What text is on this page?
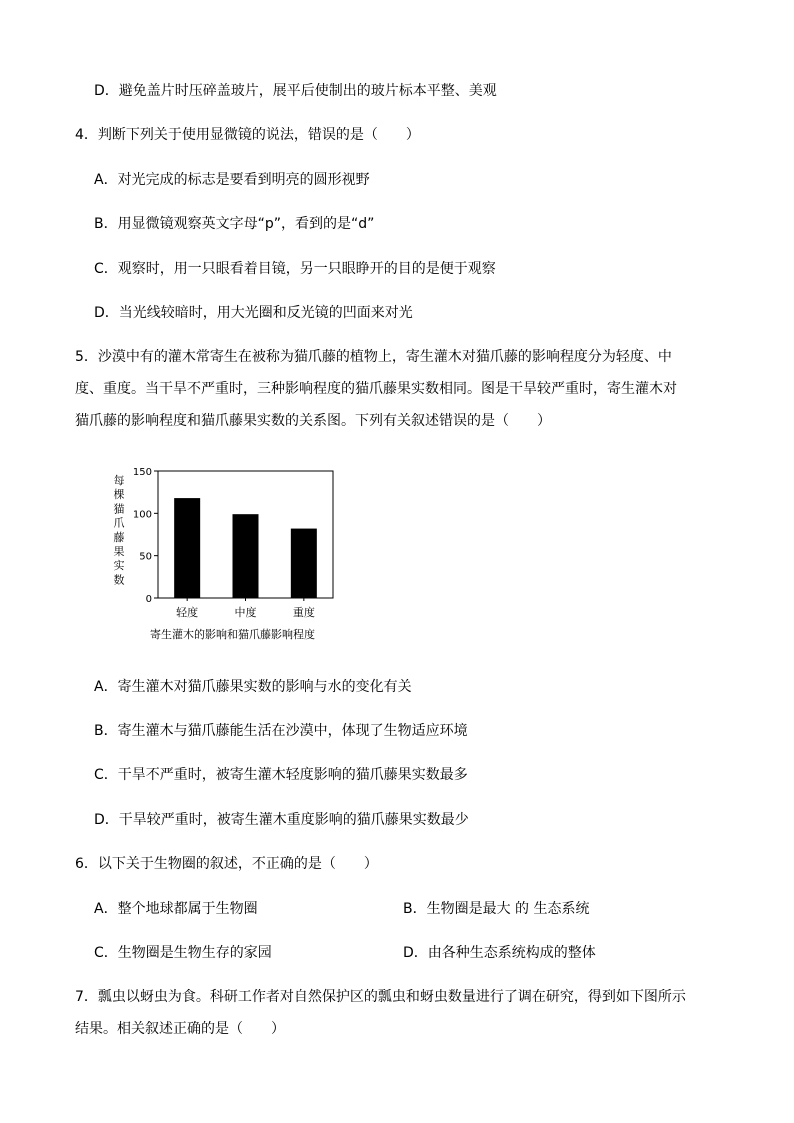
D．避免盖片时压碎盖玻片，展平后使制出的玻片标本平整、美观
4．判断下列关于使用显微镜的说法，错误的是（　　）
A．对光完成的标志是要看到明亮的圆形视野
B．用显微镜观察英文字母“p”，看到的是“d”
C．观察时，用一只眼看着目镜，另一只眼睁开的目的是便于观察
D．当光线较暗时，用大光圈和反光镜的凹面来对光
5．沙漠中有的灌木常寄生在被称为猫爪藤的植物上，寄生灌木对猫爪藤的影响程度分为轻度、中
度、重度。当干旱不严重时，三种影响程度的猫爪藤果实数相同。图是干旱较严重时，寄生灌木对
猫爪藤的影响程度和猫爪藤果实数的关系图。下列有关叙述错误的是（　　）
0
50
100
150
轻度	中度	重度
每棵猫爪藤果实数
寄生灌木的影响和猫爪藤影响程度
A．寄生灌木对猫爪藤果实数的影响与水的变化有关
B．寄生灌木与猫爪藤能生活在沙漠中，体现了生物适应环境
C．干旱不严重时，被寄生灌木轻度影响的猫爪藤果实数最多
D．干旱较严重时，被寄生灌木重度影响的猫爪藤果实数最少
6．以下关于生物圈的叙述，不正确的是（　　）
A．整个地球都属于生物圈	B．生物圈是最大 的 生态系统
C．生物圈是生物生存的家园	D．由各种生态系统构成的整体
7．瓢虫以蚜虫为食。科研工作者对自然保护区的瓢虫和蚜虫数量进行了调在研究，得到如下图所示
结果。相关叙述正确的是（　　）
